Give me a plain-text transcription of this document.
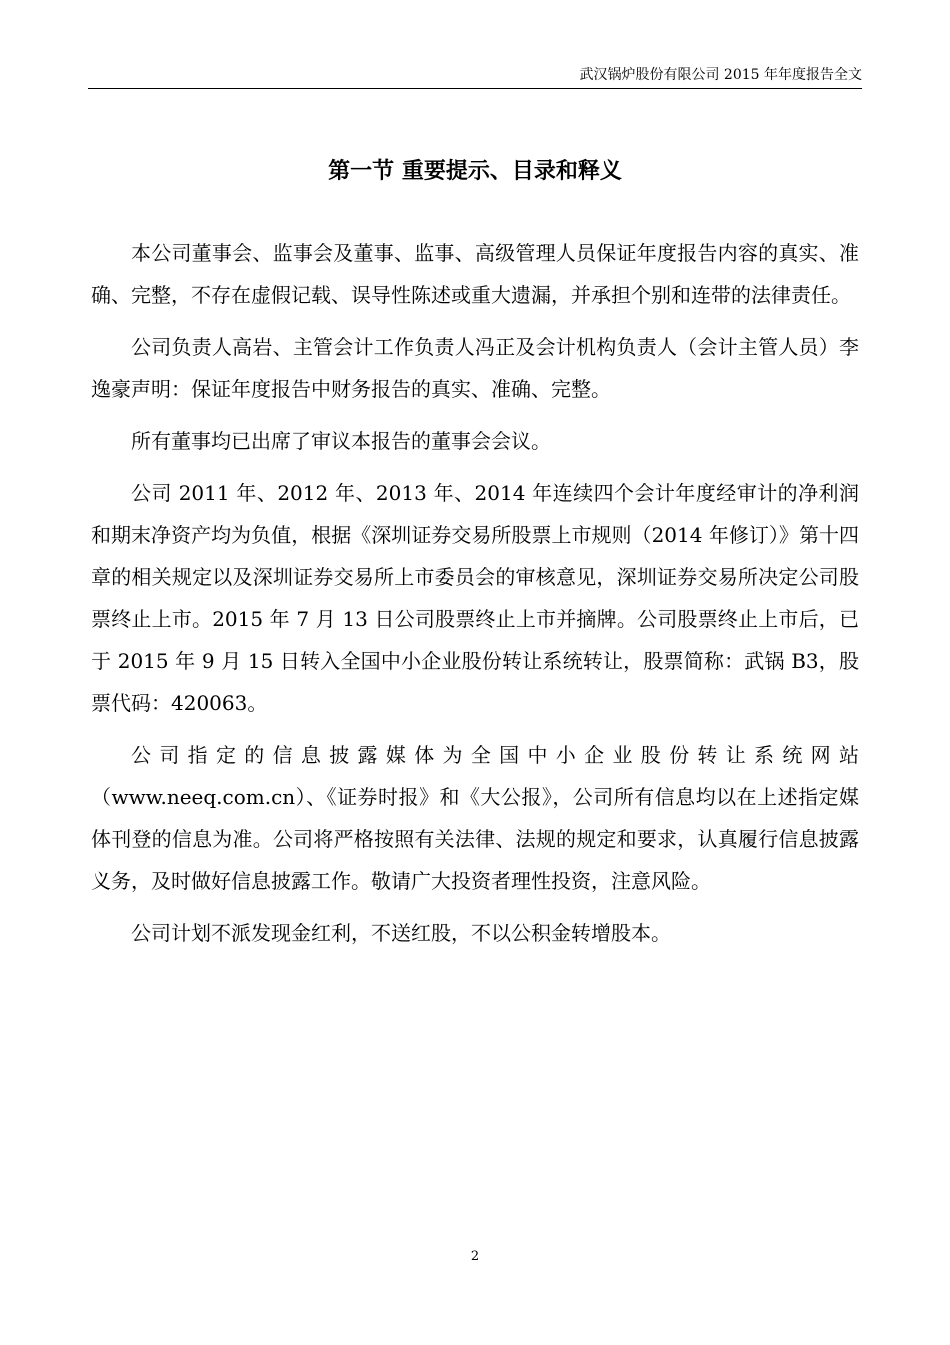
武汉锅炉股份有限公司 2015 年年度报告全文
第一节 重要提示、目录和释义

本公司董事会、监事会及董事、监事、高级管理人员保证年度报告内容的真实、准确、完整，不存在虚假记载、误导性陈述或重大遗漏，并承担个别和连带的法律责任。

公司负责人高岩、主管会计工作负责人冯正及会计机构负责人（会计主管人员）李逸豪声明：保证年度报告中财务报告的真实、准确、完整。

所有董事均已出席了审议本报告的董事会会议。

公司 2011 年、2012 年、2013 年、2014 年连续四个会计年度经审计的净利润和期末净资产均为负值，根据《深圳证券交易所股票上市规则（2014 年修订）》第十四章的相关规定以及深圳证券交易所上市委员会的审核意见，深圳证券交易所决定公司股票终止上市。2015 年 7 月 13 日公司股票终止上市并摘牌。公司股票终止上市后，已于 2015 年 9 月 15 日转入全国中小企业股份转让系统转让，股票简称：武锅 B3，股票代码：420063。

公司指定的信息披露媒体为全国中小企业股份转让系统网站（www.neeq.com.cn）、《证券时报》和《大公报》，公司所有信息均以在上述指定媒体刊登的信息为准。公司将严格按照有关法律、法规的规定和要求，认真履行信息披露义务，及时做好信息披露工作。敬请广大投资者理性投资，注意风险。

公司计划不派发现金红利，不送红股，不以公积金转增股本。

2
